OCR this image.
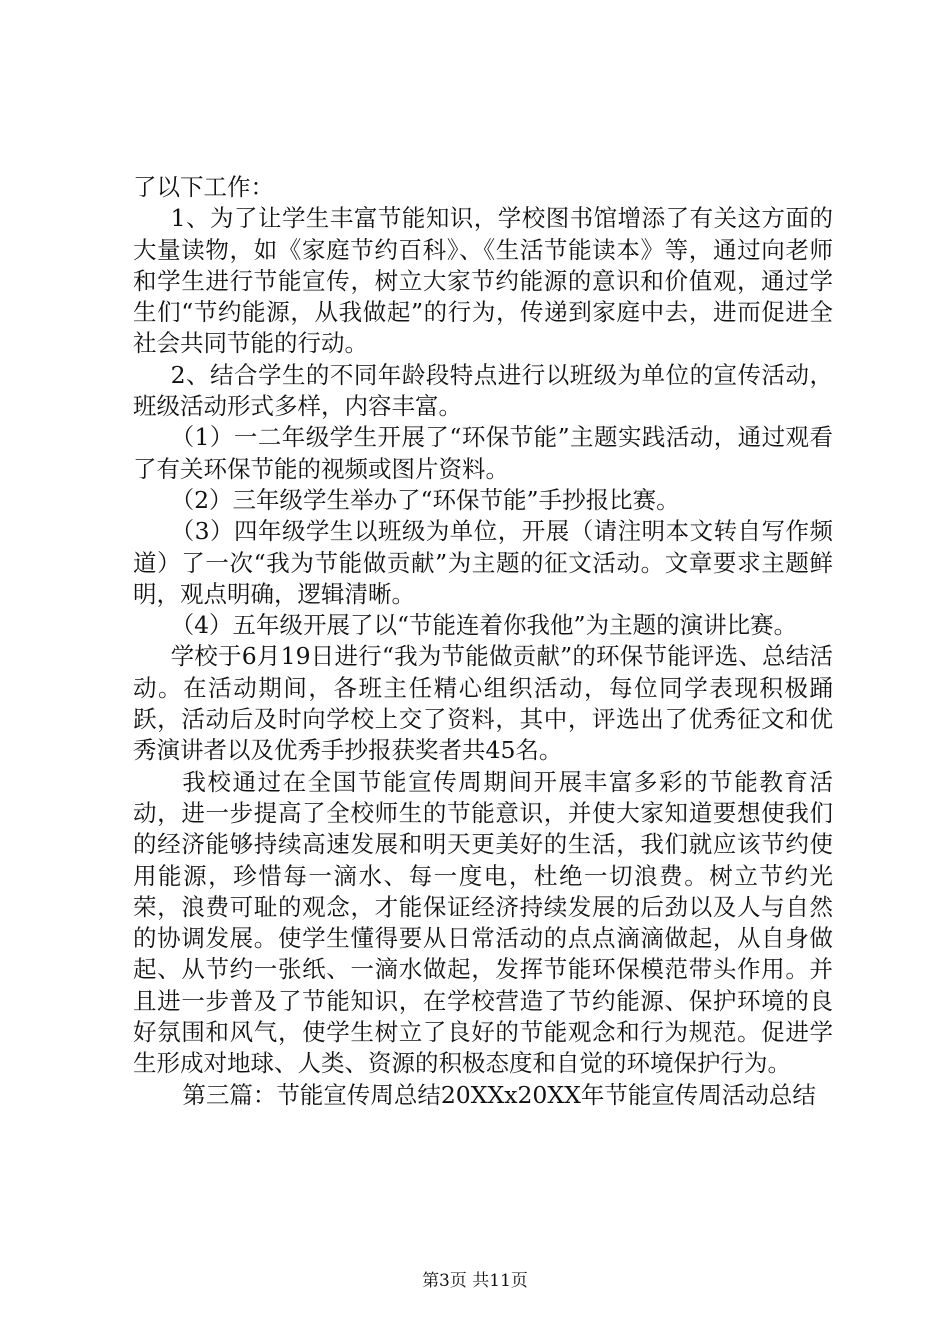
了以下工作：

1、为了让学生丰富节能知识，学校图书馆增添了有关这方面的大量读物，如《家庭节约百科》、《生活节能读本》等，通过向老师和学生进行节能宣传，树立大家节约能源的意识和价值观，通过学生们“节约能源，从我做起”的行为，传递到家庭中去，进而促进全社会共同节能的行动。

2、结合学生的不同年龄段特点进行以班级为单位的宣传活动，班级活动形式多样，内容丰富。

（1）一二年级学生开展了“环保节能”主题实践活动，通过观看了有关环保节能的视频或图片资料。

（2）三年级学生举办了“环保节能”手抄报比赛。

（3）四年级学生以班级为单位，开展（请注明本文转自写作频道）了一次“我为节能做贡献”为主题的征文活动。文章要求主题鲜明，观点明确，逻辑清晰。

（4）五年级开展了以“节能连着你我他”为主题的演讲比赛。

学校于6月19日进行“我为节能做贡献”的环保节能评选、总结活动。在活动期间，各班主任精心组织活动，每位同学表现积极踊跃，活动后及时向学校上交了资料，其中，评选出了优秀征文和优秀演讲者以及优秀手抄报获奖者共45名。

我校通过在全国节能宣传周期间开展丰富多彩的节能教育活动，进一步提高了全校师生的节能意识，并使大家知道要想使我们的经济能够持续高速发展和明天更美好的生活，我们就应该节约使用能源，珍惜每一滴水、每一度电，杜绝一切浪费。树立节约光荣，浪费可耻的观念，才能保证经济持续发展的后劲以及人与自然的协调发展。使学生懂得要从日常活动的点点滴滴做起，从自身做起、从节约一张纸、一滴水做起，发挥节能环保模范带头作用。并且进一步普及了节能知识，在学校营造了节约能源、保护环境的良好氛围和风气，使学生树立了良好的节能观念和行为规范。促进学生形成对地球、人类、资源的积极态度和自觉的环境保护行为。

第三篇：节能宣传周总结20XXx20XX年节能宣传周活动总结

第3页 共11页
